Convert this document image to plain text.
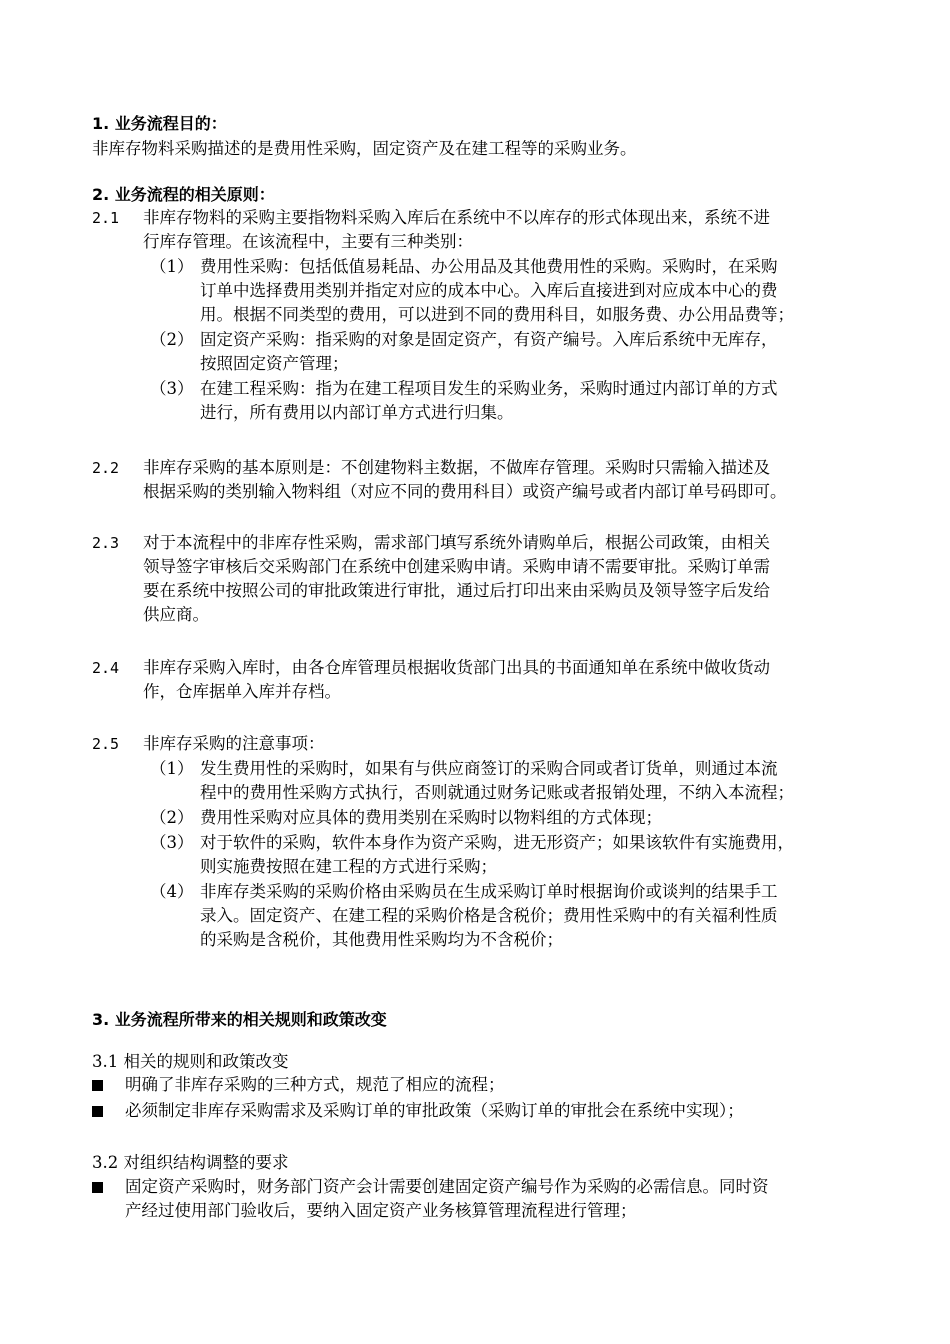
1. 业务流程目的：
非库存物料采购描述的是费用性采购，固定资产及在建工程等的采购业务。
2. 业务流程的相关原则：
2.1 非库存物料的采购主要指物料采购入库后在系统中不以库存的形式体现出来，系统不进
行库存管理。在该流程中，主要有三种类别：
（1） 费用性采购：包括低值易耗品、办公用品及其他费用性的采购。采购时，在采购
订单中选择费用类别并指定对应的成本中心。入库后直接进到对应成本中心的费
用。根据不同类型的费用，可以进到不同的费用科目，如服务费、办公用品费等；
（2） 固定资产采购：指采购的对象是固定资产，有资产编号。入库后系统中无库存，
按照固定资产管理；
（3） 在建工程采购：指为在建工程项目发生的采购业务，采购时通过内部订单的方式
进行，所有费用以内部订单方式进行归集。
2.2 非库存采购的基本原则是：不创建物料主数据，不做库存管理。采购时只需输入描述及
根据采购的类别输入物料组（对应不同的费用科目）或资产编号或者内部订单号码即可。
2.3 对于本流程中的非库存性采购，需求部门填写系统外请购单后，根据公司政策，由相关
领导签字审核后交采购部门在系统中创建采购申请。采购申请不需要审批。采购订单需
要在系统中按照公司的审批政策进行审批，通过后打印出来由采购员及领导签字后发给
供应商。
2.4 非库存采购入库时，由各仓库管理员根据收货部门出具的书面通知单在系统中做收货动
作，仓库据单入库并存档。
2.5 非库存采购的注意事项：
（1） 发生费用性的采购时，如果有与供应商签订的采购合同或者订货单，则通过本流
程中的费用性采购方式执行，否则就通过财务记账或者报销处理，不纳入本流程；
（2） 费用性采购对应具体的费用类别在采购时以物料组的方式体现；
（3） 对于软件的采购，软件本身作为资产采购，进无形资产；如果该软件有实施费用，
则实施费按照在建工程的方式进行采购；
（4） 非库存类采购的采购价格由采购员在生成采购订单时根据询价或谈判的结果手工
录入。固定资产、在建工程的采购价格是含税价；费用性采购中的有关福利性质
的采购是含税价，其他费用性采购均为不含税价；
3. 业务流程所带来的相关规则和政策改变
3.1 相关的规则和政策改变
明确了非库存采购的三种方式，规范了相应的流程；
必须制定非库存采购需求及采购订单的审批政策（采购订单的审批会在系统中实现）；
3.2 对组织结构调整的要求
固定资产采购时，财务部门资产会计需要创建固定资产编号作为采购的必需信息。同时资
产经过使用部门验收后，要纳入固定资产业务核算管理流程进行管理；
